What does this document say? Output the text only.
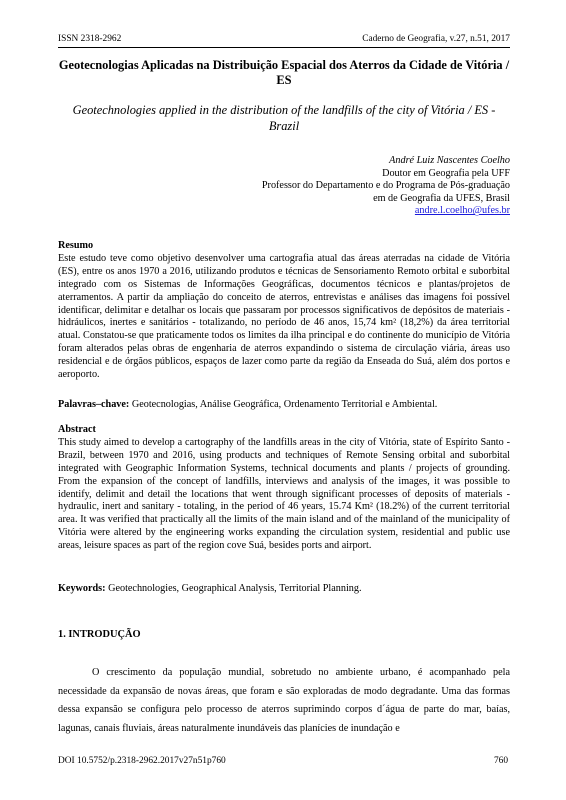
ISSN 2318-2962	Caderno de Geografia, v.27, n.51, 2017
Geotecnologias Aplicadas na Distribuição Espacial dos Aterros da Cidade de Vitória / ES
Geotechnologies applied in the distribution of the landfills of the city of Vitória / ES - Brazil
André Luiz Nascentes Coelho
Doutor em Geografia pela UFF
Professor do Departamento e do Programa de Pós-graduação
em de Geografia da UFES, Brasil
andre.l.coelho@ufes.br
Resumo
Este estudo teve como objetivo desenvolver uma cartografia atual das áreas aterradas na cidade de Vitória (ES), entre os anos 1970 a 2016, utilizando produtos e técnicas de Sensoriamento Remoto orbital e suborbital integrado com os Sistemas de Informações Geográficas, documentos técnicos e plantas/projetos de aterramentos. A partir da ampliação do conceito de aterros, entrevistas e análises das imagens foi possível identificar, delimitar e detalhar os locais que passaram por processos significativos de depósitos de materiais - hidráulicos, inertes e sanitários - totalizando, no período de 46 anos, 15,74 km² (18,2%) da área territorial atual. Constatou-se que praticamente todos os limites da ilha principal e do continente do município de Vitória foram alterados pelas obras de engenharia de aterros expandindo o sistema de circulação viária, áreas uso residencial e de órgãos públicos, espaços de lazer como parte da região da Enseada do Suá, além dos portos e aeroporto.
Palavras–chave: Geotecnologias, Análise Geográfica, Ordenamento Territorial e Ambiental.
Abstract
This study aimed to develop a cartography of the landfills areas in the city of Vitória, state of Espírito Santo - Brazil, between 1970 and 2016, using products and techniques of Remote Sensing orbital and suborbital integrated with Geographic Information Systems, technical documents and plants / projects of grounding. From the expansion of the concept of landfills, interviews and analysis of the images, it was possible to identify, delimit and detail the locations that went through significant processes of deposits of materials - hydraulic, inert and sanitary - totaling, in the period of 46 years, 15.74 Km² (18.2%) of the current territorial area. It was verified that practically all the limits of the main island and of the mainland of the municipality of Vitória were altered by the engineering works expanding the circulation system, residential and public use areas, leisure spaces as part of the region cove Suá, besides ports and airport.
Keywords: Geotechnologies, Geographical Analysis, Territorial Planning.
1. INTRODUÇÃO
O crescimento da população mundial, sobretudo no ambiente urbano, é acompanhado pela necessidade da expansão de novas áreas, que foram e são exploradas de modo degradante. Uma das formas dessa expansão se configura pelo processo de aterros suprimindo corpos d´água de parte do mar, baías, lagunas, canais fluviais, áreas naturalmente inundáveis das planícies de inundação e
DOI 10.5752/p.2318-2962.2017v27n51p760	760
